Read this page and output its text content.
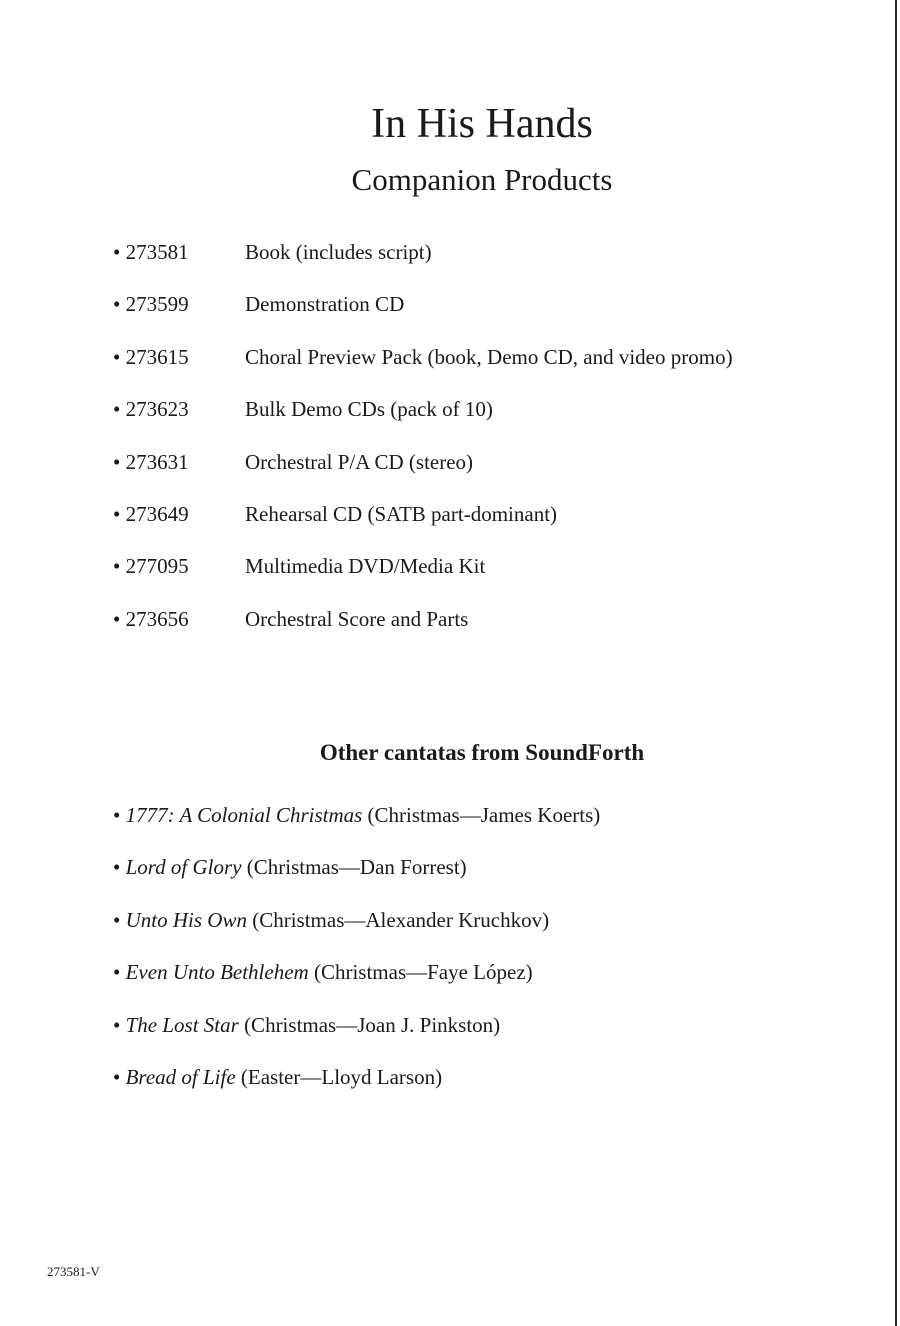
In His Hands
Companion Products
• 273581	Book (includes script)
• 273599	Demonstration CD
• 273615	Choral Preview Pack (book, Demo CD, and video promo)
• 273623	Bulk Demo CDs (pack of 10)
• 273631	Orchestral P/A CD (stereo)
• 273649	Rehearsal CD (SATB part-dominant)
• 277095	Multimedia DVD/Media Kit
• 273656	Orchestral Score and Parts
Other cantatas from SoundForth
• 1777: A Colonial Christmas (Christmas—James Koerts)
• Lord of Glory (Christmas—Dan Forrest)
• Unto His Own (Christmas—Alexander Kruchkov)
• Even Unto Bethlehem (Christmas—Faye López)
• The Lost Star (Christmas—Joan J. Pinkston)
• Bread of Life (Easter—Lloyd Larson)
273581-V
